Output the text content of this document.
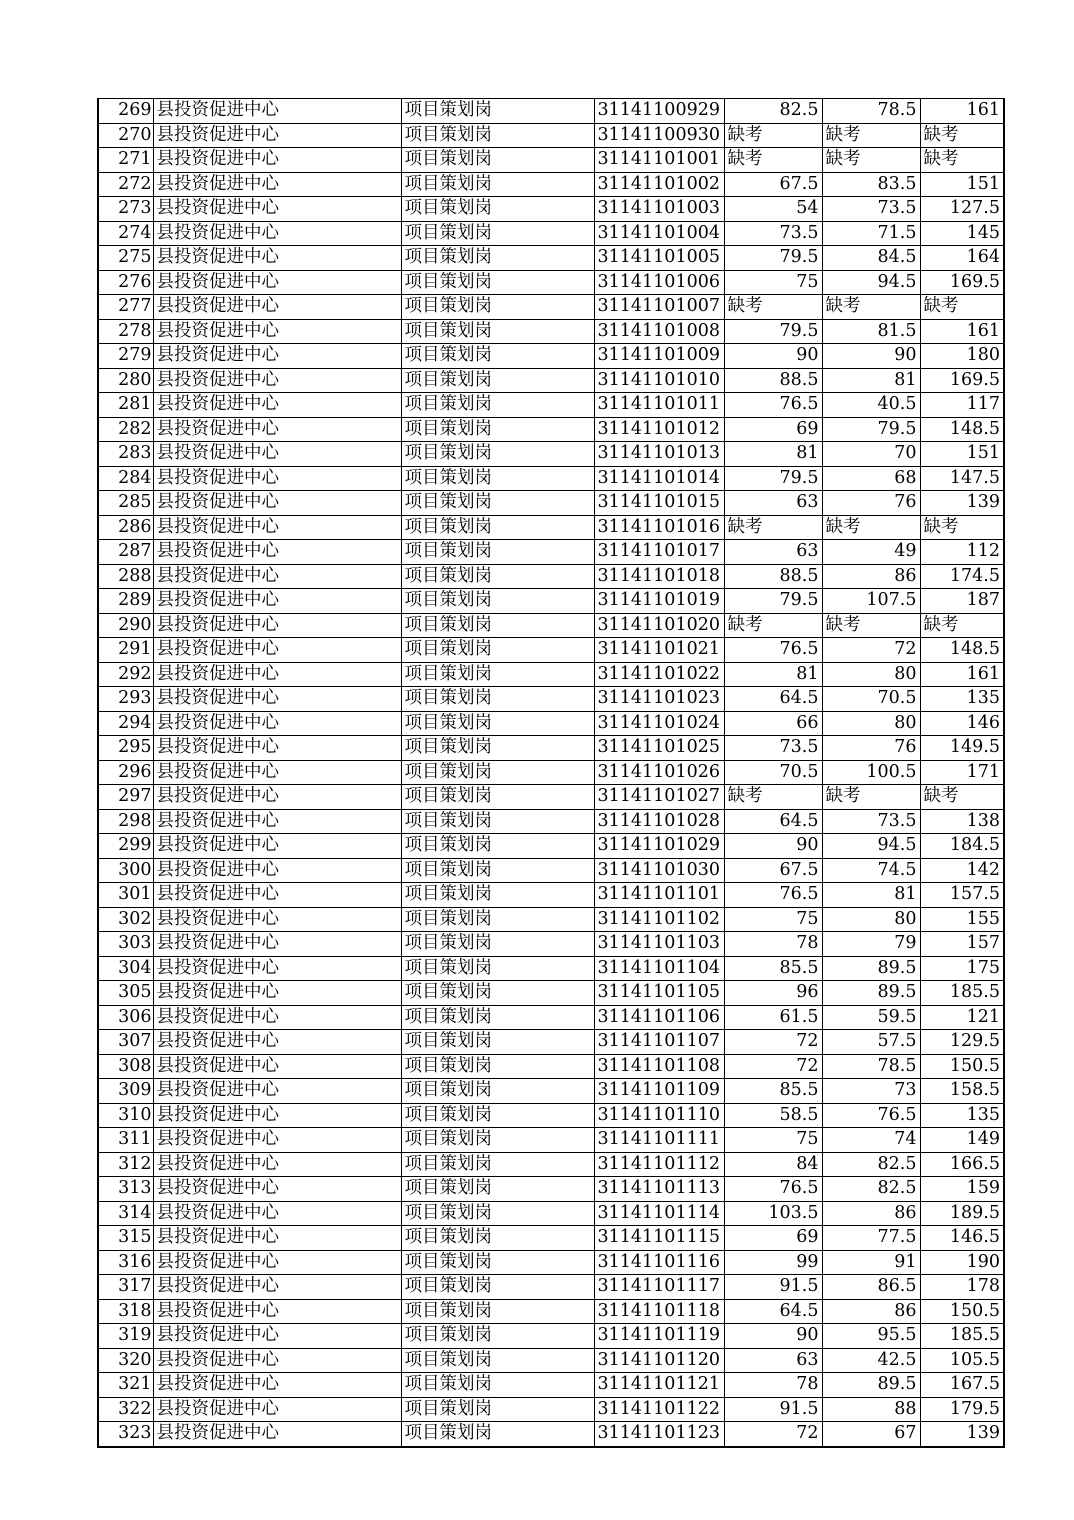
269	县投资促进中心	项目策划岗	31141100929	82.5	78.5	161
270	县投资促进中心	项目策划岗	31141100930	缺考	缺考	缺考
271	县投资促进中心	项目策划岗	31141101001	缺考	缺考	缺考
272	县投资促进中心	项目策划岗	31141101002	67.5	83.5	151
273	县投资促进中心	项目策划岗	31141101003	54	73.5	127.5
274	县投资促进中心	项目策划岗	31141101004	73.5	71.5	145
275	县投资促进中心	项目策划岗	31141101005	79.5	84.5	164
276	县投资促进中心	项目策划岗	31141101006	75	94.5	169.5
277	县投资促进中心	项目策划岗	31141101007	缺考	缺考	缺考
278	县投资促进中心	项目策划岗	31141101008	79.5	81.5	161
279	县投资促进中心	项目策划岗	31141101009	90	90	180
280	县投资促进中心	项目策划岗	31141101010	88.5	81	169.5
281	县投资促进中心	项目策划岗	31141101011	76.5	40.5	117
282	县投资促进中心	项目策划岗	31141101012	69	79.5	148.5
283	县投资促进中心	项目策划岗	31141101013	81	70	151
284	县投资促进中心	项目策划岗	31141101014	79.5	68	147.5
285	县投资促进中心	项目策划岗	31141101015	63	76	139
286	县投资促进中心	项目策划岗	31141101016	缺考	缺考	缺考
287	县投资促进中心	项目策划岗	31141101017	63	49	112
288	县投资促进中心	项目策划岗	31141101018	88.5	86	174.5
289	县投资促进中心	项目策划岗	31141101019	79.5	107.5	187
290	县投资促进中心	项目策划岗	31141101020	缺考	缺考	缺考
291	县投资促进中心	项目策划岗	31141101021	76.5	72	148.5
292	县投资促进中心	项目策划岗	31141101022	81	80	161
293	县投资促进中心	项目策划岗	31141101023	64.5	70.5	135
294	县投资促进中心	项目策划岗	31141101024	66	80	146
295	县投资促进中心	项目策划岗	31141101025	73.5	76	149.5
296	县投资促进中心	项目策划岗	31141101026	70.5	100.5	171
297	县投资促进中心	项目策划岗	31141101027	缺考	缺考	缺考
298	县投资促进中心	项目策划岗	31141101028	64.5	73.5	138
299	县投资促进中心	项目策划岗	31141101029	90	94.5	184.5
300	县投资促进中心	项目策划岗	31141101030	67.5	74.5	142
301	县投资促进中心	项目策划岗	31141101101	76.5	81	157.5
302	县投资促进中心	项目策划岗	31141101102	75	80	155
303	县投资促进中心	项目策划岗	31141101103	78	79	157
304	县投资促进中心	项目策划岗	31141101104	85.5	89.5	175
305	县投资促进中心	项目策划岗	31141101105	96	89.5	185.5
306	县投资促进中心	项目策划岗	31141101106	61.5	59.5	121
307	县投资促进中心	项目策划岗	31141101107	72	57.5	129.5
308	县投资促进中心	项目策划岗	31141101108	72	78.5	150.5
309	县投资促进中心	项目策划岗	31141101109	85.5	73	158.5
310	县投资促进中心	项目策划岗	31141101110	58.5	76.5	135
311	县投资促进中心	项目策划岗	31141101111	75	74	149
312	县投资促进中心	项目策划岗	31141101112	84	82.5	166.5
313	县投资促进中心	项目策划岗	31141101113	76.5	82.5	159
314	县投资促进中心	项目策划岗	31141101114	103.5	86	189.5
315	县投资促进中心	项目策划岗	31141101115	69	77.5	146.5
316	县投资促进中心	项目策划岗	31141101116	99	91	190
317	县投资促进中心	项目策划岗	31141101117	91.5	86.5	178
318	县投资促进中心	项目策划岗	31141101118	64.5	86	150.5
319	县投资促进中心	项目策划岗	31141101119	90	95.5	185.5
320	县投资促进中心	项目策划岗	31141101120	63	42.5	105.5
321	县投资促进中心	项目策划岗	31141101121	78	89.5	167.5
322	县投资促进中心	项目策划岗	31141101122	91.5	88	179.5
323	县投资促进中心	项目策划岗	31141101123	72	67	139
